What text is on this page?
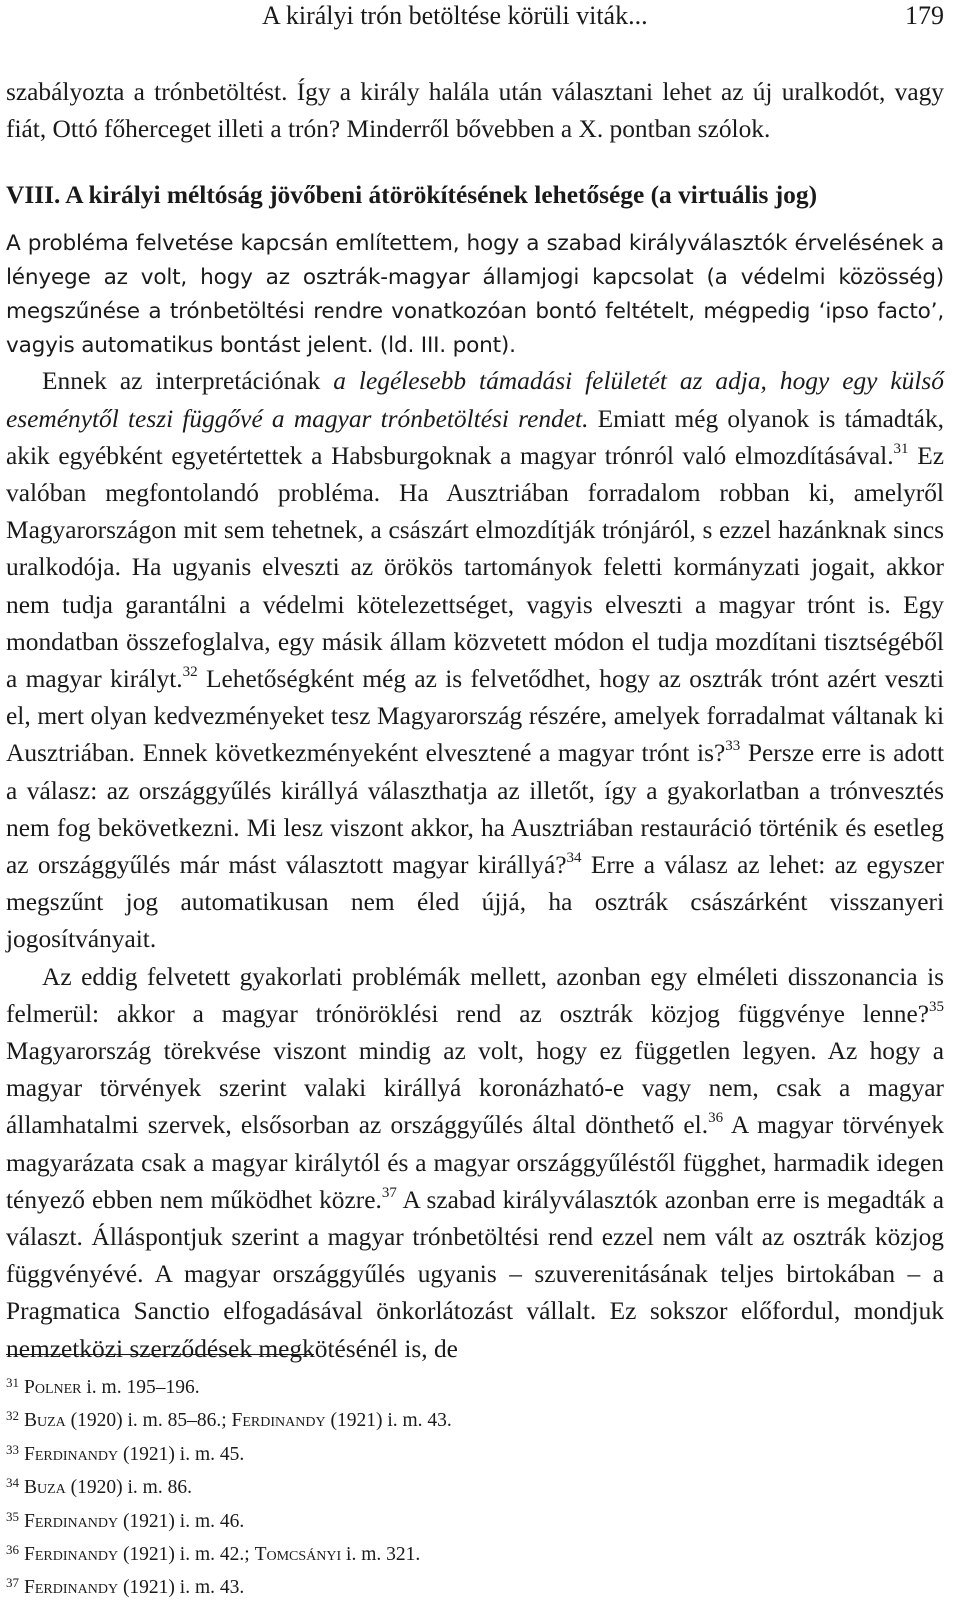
A királyi trón betöltése körüli viták...	179

szabályozta a trónbetöltést. Így a király halála után választani lehet az új uralkodót, vagy fiát, Ottó főherceget illeti a trón? Minderről bővebben a X. pontban szólok.

VIII. A királyi méltóság jövőbeni átörökítésének lehetősége (a virtuális jog)

A probléma felvetése kapcsán említettem, hogy a szabad királyválasztók érvelésének a lényege az volt, hogy az osztrák-magyar államjogi kapcsolat (a védelmi közösség) megszűnése a trónbetöltési rendre vonatkozóan bontó feltételt, mégpedig ‘ipso facto’, vagyis automatikus bontást jelent. (ld. III. pont).

Ennek az interpretációnak a legélesebb támadási felületét az adja, hogy egy külső eseménytől teszi függővé a magyar trónbetöltési rendet. Emiatt még olyanok is támadták, akik egyébként egyetértettek a Habsburgoknak a magyar trónról való elmozdításával.$^{31}$ Ez valóban megfontolandó probléma. Ha Ausztriában forradalom robban ki, amelyről Magyarországon mit sem tehetnek, a császárt elmozdítják trónjáról, s ezzel hazánknak sincs uralkodója. Ha ugyanis elveszti az örökös tartományok feletti kormányzati jogait, akkor nem tudja garantálni a védelmi kötelezettséget, vagyis elveszti a magyar trónt is. Egy mondatban összefoglalva, egy másik állam közvetett módon el tudja mozdítani tisztségéből a magyar királyt.$^{32}$ Lehetőségként még az is felvetődhet, hogy az osztrák trónt azért veszti el, mert olyan kedvezményeket tesz Magyarország részére, amelyek forradalmat váltanak ki Ausztriában. Ennek következményeként elvesztené a magyar trónt is?$^{33}$ Persze erre is adott a válasz: az országgyűlés királlyá választhatja az illetőt, így a gyakorlatban a trónvesztés nem fog bekövetkezni. Mi lesz viszont akkor, ha Ausztriában restauráció történik és esetleg az országgyűlés már mást választott magyar királlyá?$^{34}$ Erre a válasz az lehet: az egyszer megszűnt jog automatikusan nem éled újjá, ha osztrák császárként visszanyeri jogosítványait.

Az eddig felvetett gyakorlati problémák mellett, azonban egy elméleti disszonancia is felmerül: akkor a magyar trónöröklési rend az osztrák közjog függvénye lenne?$^{35}$ Magyarország törekvése viszont mindig az volt, hogy ez független legyen. Az hogy a magyar törvények szerint valaki királlyá koronázható-e vagy nem, csak a magyar államhatalmi szervek, elsősorban az országgyűlés által dönthető el.$^{36}$ A magyar törvények magyarázata csak a magyar királytól és a magyar országgyűléstől függhet, harmadik idegen tényező ebben nem működhet közre.$^{37}$ A szabad királyválasztók azonban erre is megadták a választ. Álláspontjuk szerint a magyar trónbetöltési rend ezzel nem vált az osztrák közjog függvényévé. A magyar országgyűlés ugyanis – szuverenitásának teljes birtokában – a Pragmatica Sanctio elfogadásával önkorlátozást vállalt. Ez sokszor előfordul, mondjuk nemzetközi szerződések megkötésénél is, de

31 Polner i. m. 195–196.

32 Buza (1920) i. m. 85–86.; Ferdinandy (1921) i. m. 43.

33 Ferdinandy (1921) i. m. 45.

34 Buza (1920) i. m. 86.

35 Ferdinandy (1921) i. m. 46.

36 Ferdinandy (1921) i. m. 42.; Tomcsányi i. m. 321.

37 Ferdinandy (1921) i. m. 43.
